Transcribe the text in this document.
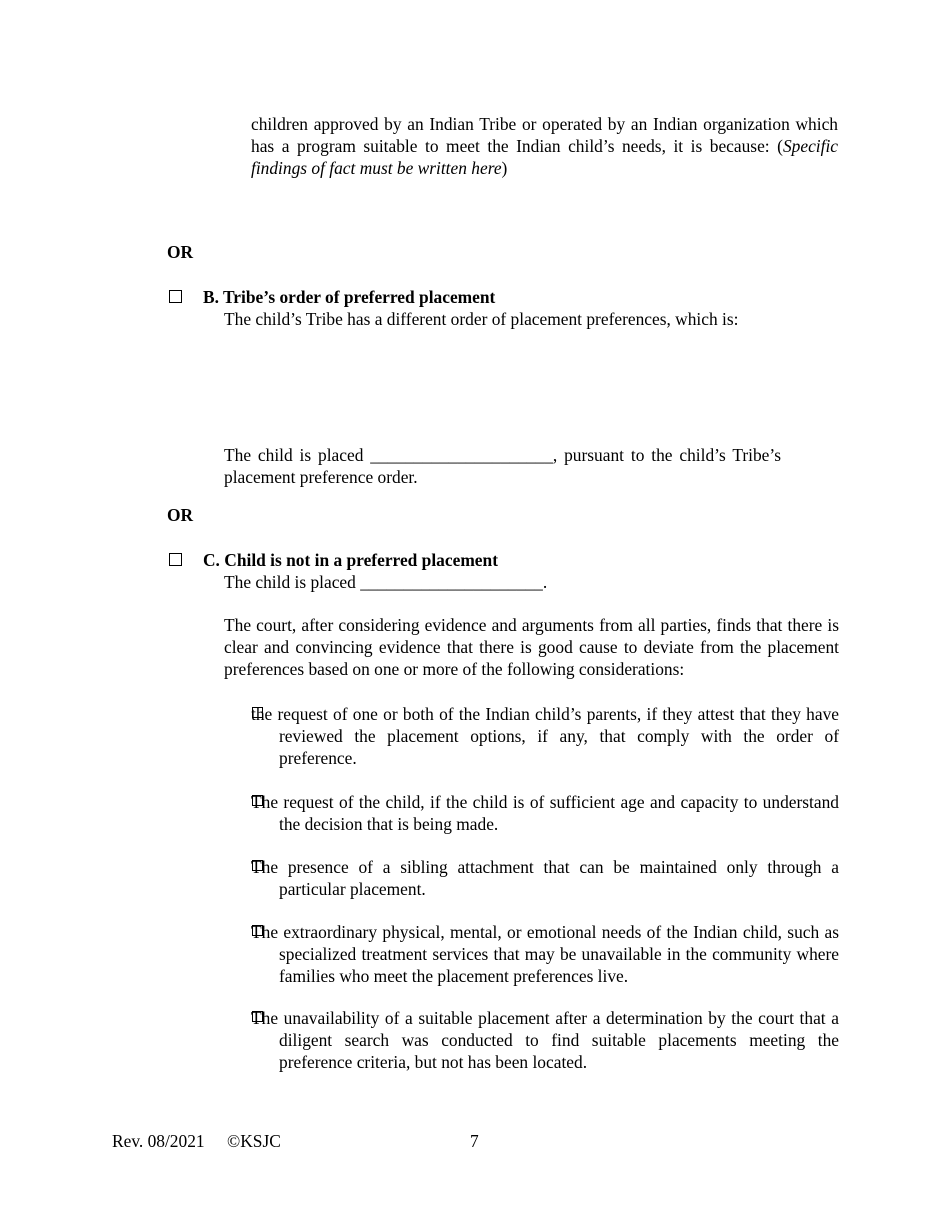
children approved by an Indian Tribe or operated by an Indian organization which has a program suitable to meet the Indian child’s needs, it is because: (Specific findings of fact must be written here)
OR
B. Tribe’s order of preferred placement
The child’s Tribe has a different order of placement preferences, which is:
The child is placed _____________________, pursuant to the child’s Tribe’s placement preference order.
OR
C. Child is not in a preferred placement
The child is placed _____________________.
The court, after considering evidence and arguments from all parties, finds that there is clear and convincing evidence that there is good cause to deviate from the placement preferences based on one or more of the following considerations:
the request of one or both of the Indian child’s parents, if they attest that they have reviewed the placement options, if any, that comply with the order of preference.
The request of the child, if the child is of sufficient age and capacity to understand the decision that is being made.
The presence of a sibling attachment that can be maintained only through a particular placement.
The extraordinary physical, mental, or emotional needs of the Indian child, such as specialized treatment services that may be unavailable in the community where families who meet the placement preferences live.
The unavailability of a suitable placement after a determination by the court that a diligent search was conducted to find suitable placements meeting the preference criteria, but not has been located.
Rev. 08/2021 ©KSJC	7
